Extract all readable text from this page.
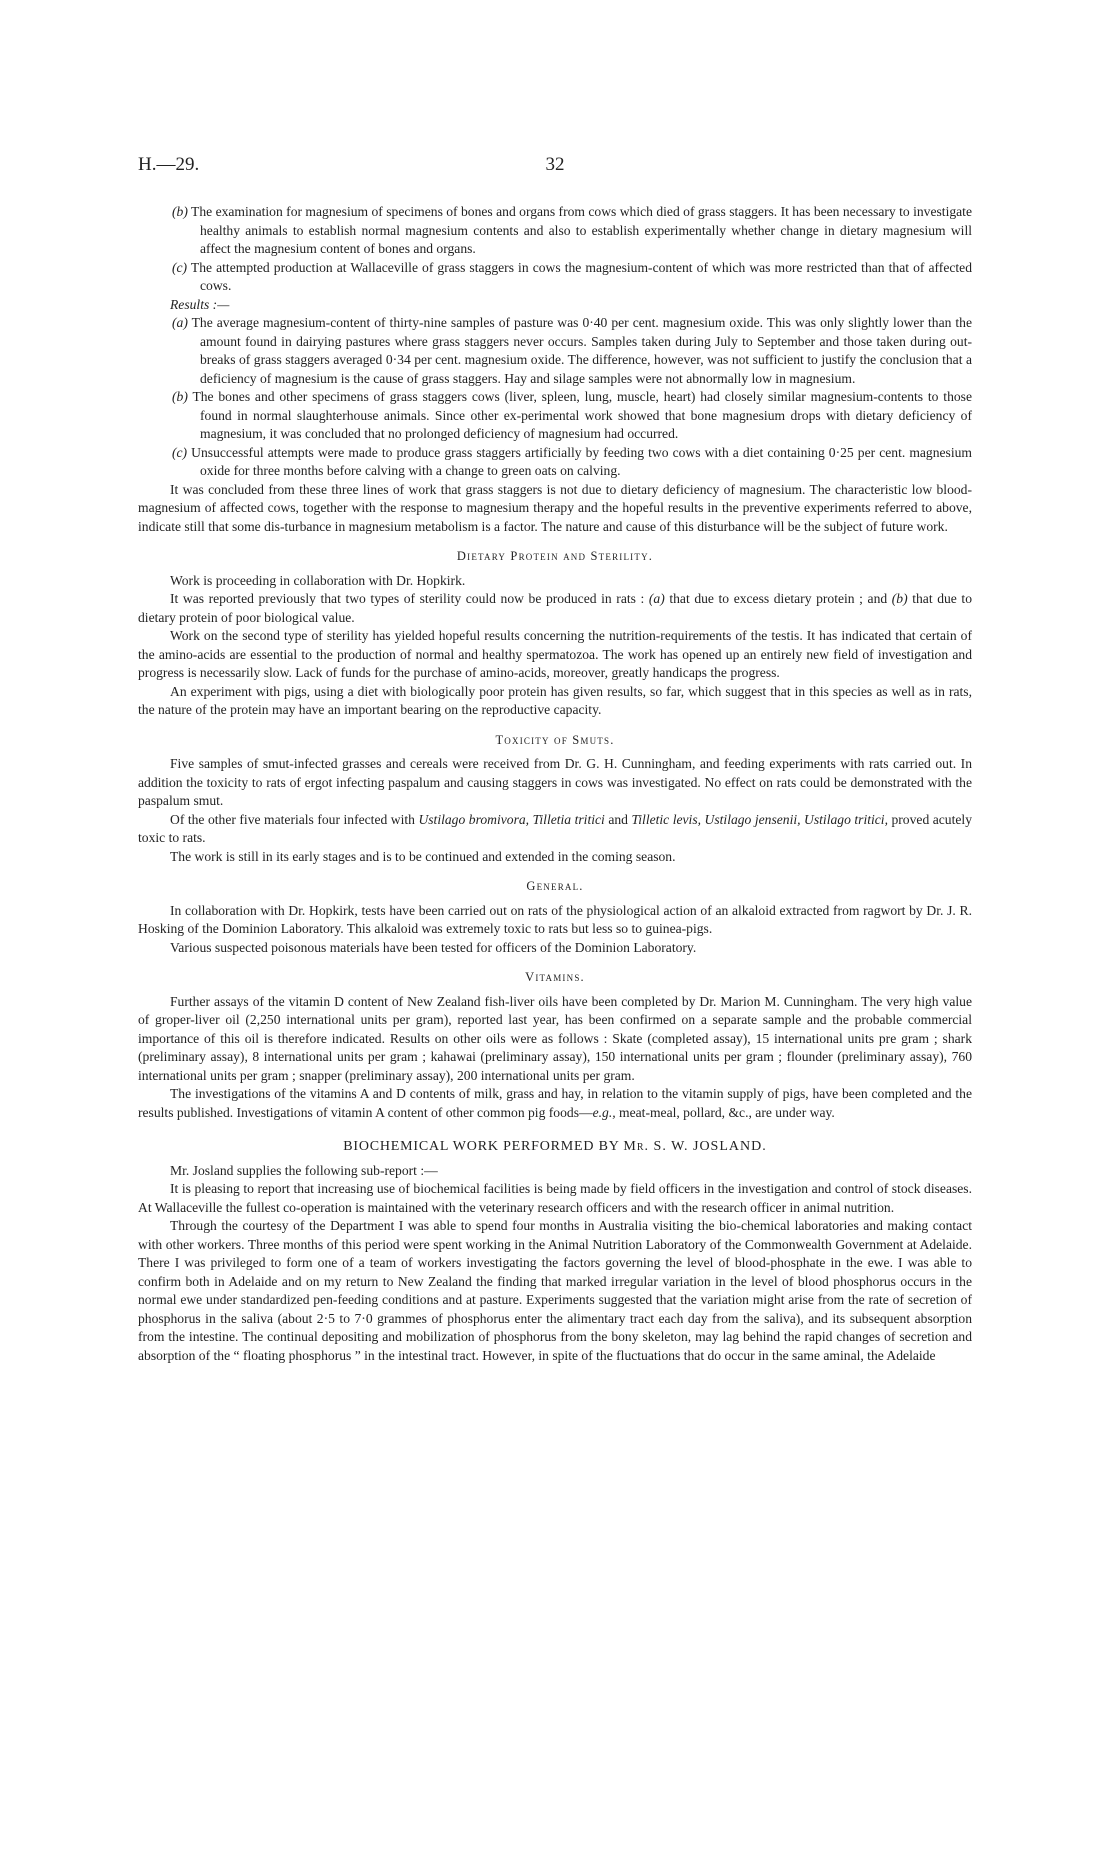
H.—29.	32

(b) The examination for magnesium of specimens of bones and organs from cows which died of grass staggers. It has been necessary to investigate healthy animals to establish normal magnesium contents and also to establish experimentally whether change in dietary magnesium will affect the magnesium content of bones and organs.

(c) The attempted production at Wallaceville of grass staggers in cows the magnesium-content of which was more restricted than that of affected cows.

Results :—

(a) The average magnesium-content of thirty-nine samples of pasture was 0·40 per cent. magnesium oxide. This was only slightly lower than the amount found in dairying pastures where grass staggers never occurs. Samples taken during July to September and those taken during out-breaks of grass staggers averaged 0·34 per cent. magnesium oxide. The difference, however, was not sufficient to justify the conclusion that a deficiency of magnesium is the cause of grass staggers. Hay and silage samples were not abnormally low in magnesium.

(b) The bones and other specimens of grass staggers cows (liver, spleen, lung, muscle, heart) had closely similar magnesium-contents to those found in normal slaughterhouse animals. Since other ex-perimental work showed that bone magnesium drops with dietary deficiency of magnesium, it was concluded that no prolonged deficiency of magnesium had occurred.

(c) Unsuccessful attempts were made to produce grass staggers artificially by feeding two cows with a diet containing 0·25 per cent. magnesium oxide for three months before calving with a change to green oats on calving.

It was concluded from these three lines of work that grass staggers is not due to dietary deficiency of magnesium. The characteristic low blood-magnesium of affected cows, together with the response to magnesium therapy and the hopeful results in the preventive experiments referred to above, indicate still that some dis-turbance in magnesium metabolism is a factor. The nature and cause of this disturbance will be the subject of future work.

Dietary Protein and Sterility.

Work is proceeding in collaboration with Dr. Hopkirk.

It was reported previously that two types of sterility could now be produced in rats : (a) that due to excess dietary protein ; and (b) that due to dietary protein of poor biological value.

Work on the second type of sterility has yielded hopeful results concerning the nutrition-requirements of the testis. It has indicated that certain of the amino-acids are essential to the production of normal and healthy spermatozoa. The work has opened up an entirely new field of investigation and progress is necessarily slow. Lack of funds for the purchase of amino-acids, moreover, greatly handicaps the progress.

An experiment with pigs, using a diet with biologically poor protein has given results, so far, which suggest that in this species as well as in rats, the nature of the protein may have an important bearing on the reproductive capacity.

Toxicity of Smuts.

Five samples of smut-infected grasses and cereals were received from Dr. G. H. Cunningham, and feeding experiments with rats carried out. In addition the toxicity to rats of ergot infecting paspalum and causing staggers in cows was investigated. No effect on rats could be demonstrated with the paspalum smut.

Of the other five materials four infected with Ustilago bromivora, Tilletia tritici and Tilletic levis, Ustilago jensenii, Ustilago tritici, proved acutely toxic to rats.

The work is still in its early stages and is to be continued and extended in the coming season.

General.

In collaboration with Dr. Hopkirk, tests have been carried out on rats of the physiological action of an alkaloid extracted from ragwort by Dr. J. R. Hosking of the Dominion Laboratory. This alkaloid was extremely toxic to rats but less so to guinea-pigs.

Various suspected poisonous materials have been tested for officers of the Dominion Laboratory.

Vitamins.

Further assays of the vitamin D content of New Zealand fish-liver oils have been completed by Dr. Marion M. Cunningham. The very high value of groper-liver oil (2,250 international units per gram), reported last year, has been confirmed on a separate sample and the probable commercial importance of this oil is therefore indicated. Results on other oils were as follows : Skate (completed assay), 15 international units pre gram ; shark (preliminary assay), 8 international units per gram ; kahawai (preliminary assay), 150 international units per gram ; flounder (preliminary assay), 760 international units per gram ; snapper (preliminary assay), 200 international units per gram.

The investigations of the vitamins A and D contents of milk, grass and hay, in relation to the vitamin supply of pigs, have been completed and the results published. Investigations of vitamin A content of other common pig foods—e.g., meat-meal, pollard, &c., are under way.

BIOCHEMICAL WORK PERFORMED BY Mr. S. W. JOSLAND.

Mr. Josland supplies the following sub-report :—

It is pleasing to report that increasing use of biochemical facilities is being made by field officers in the investigation and control of stock diseases. At Wallaceville the fullest co-operation is maintained with the veterinary research officers and with the research officer in animal nutrition.

Through the courtesy of the Department I was able to spend four months in Australia visiting the bio-chemical laboratories and making contact with other workers. Three months of this period were spent working in the Animal Nutrition Laboratory of the Commonwealth Government at Adelaide. There I was privileged to form one of a team of workers investigating the factors governing the level of blood-phosphate in the ewe. I was able to confirm both in Adelaide and on my return to New Zealand the finding that marked irregular variation in the level of blood phosphorus occurs in the normal ewe under standardized pen-feeding conditions and at pasture. Experiments suggested that the variation might arise from the rate of secretion of phosphorus in the saliva (about 2·5 to 7·0 grammes of phosphorus enter the alimentary tract each day from the saliva), and its subsequent absorption from the intestine. The continual depositing and mobilization of phosphorus from the bony skeleton, may lag behind the rapid changes of secretion and absorption of the “ floating phosphorus ” in the intestinal tract. However, in spite of the fluctuations that do occur in the same aminal, the Adelaide
